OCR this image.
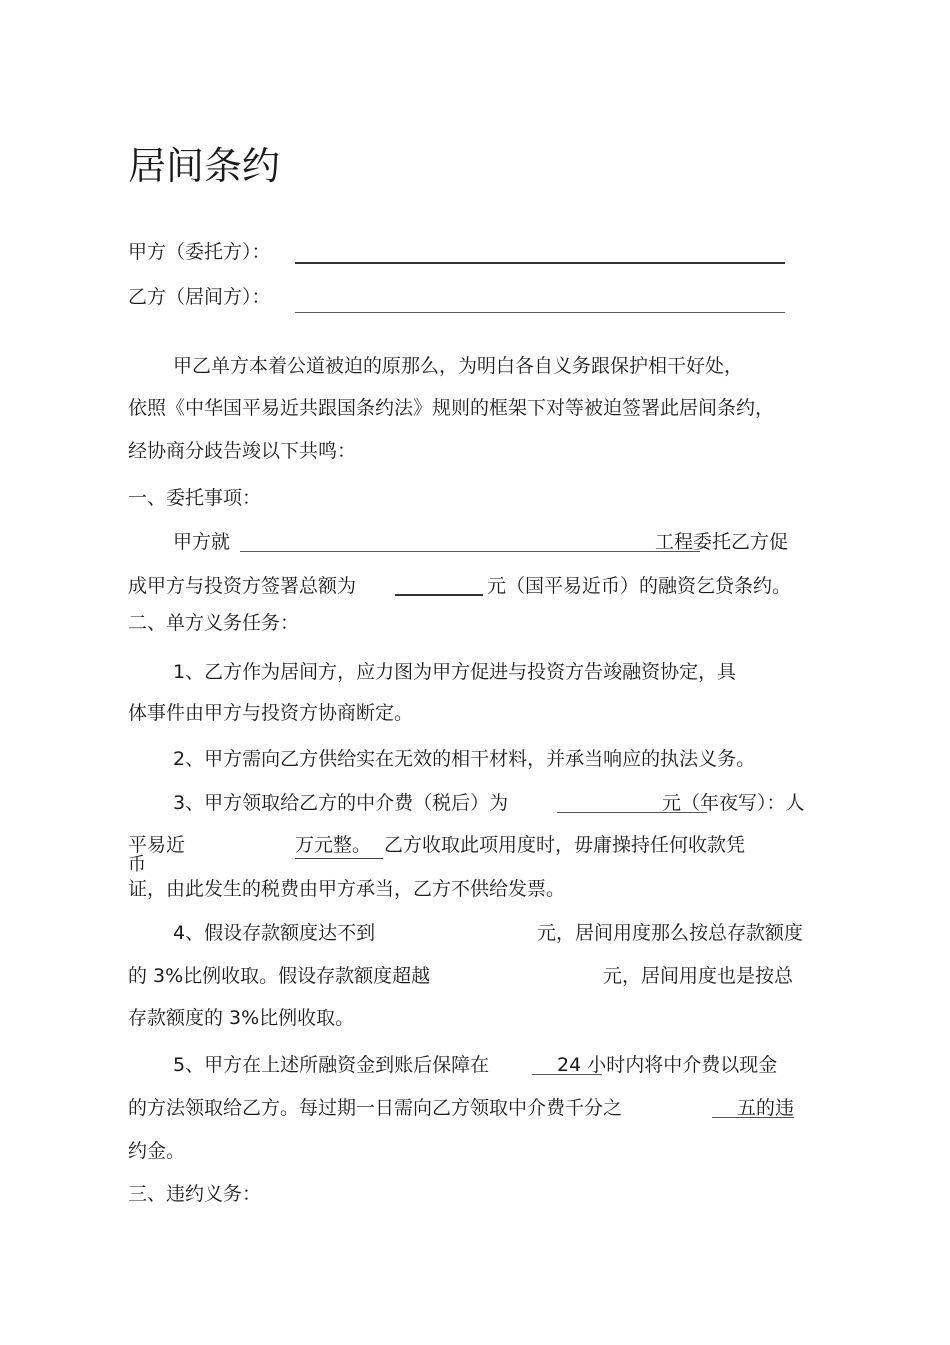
居间条约
甲方（委托方）：
乙方（居间方）：
甲乙单方本着公道被迫的原那么，为明白各自义务跟保护相干好处，
依照《中华国平易近共跟国条约法》规则的框架下对等被迫签署此居间条约，
经协商分歧告竣以下共鸣：
一、委托事项：
甲方就	工程委托乙方促
成甲方与投资方签署总额为	元（国平易近币）的融资乞贷条约。
二、单方义务任务：
1、乙方作为居间方，应力图为甲方促进与投资方告竣融资协定，具
体事件由甲方与投资方协商断定。
2、甲方需向乙方供给实在无效的相干材料，并承当响应的执法义务。
3、甲方领取给乙方的中介费（税后）为	元（年夜写）：人
平易近
币
万元整。 乙方收取此项用度时，毋庸操持任何收款凭
证，由此发生的税费由甲方承当，乙方不供给发票。
4、假设存款额度达不到	元，居间用度那么按总存款额度
的 3%比例收取。假设存款额度超越	元，居间用度也是按总
存款额度的 3%比例收取。
5、甲方在上述所融资金到账后保障在	24 小时内将中介费以现金
的方法领取给乙方。每过期一日需向乙方领取中介费千分之	五的违
约金。
三、违约义务：
